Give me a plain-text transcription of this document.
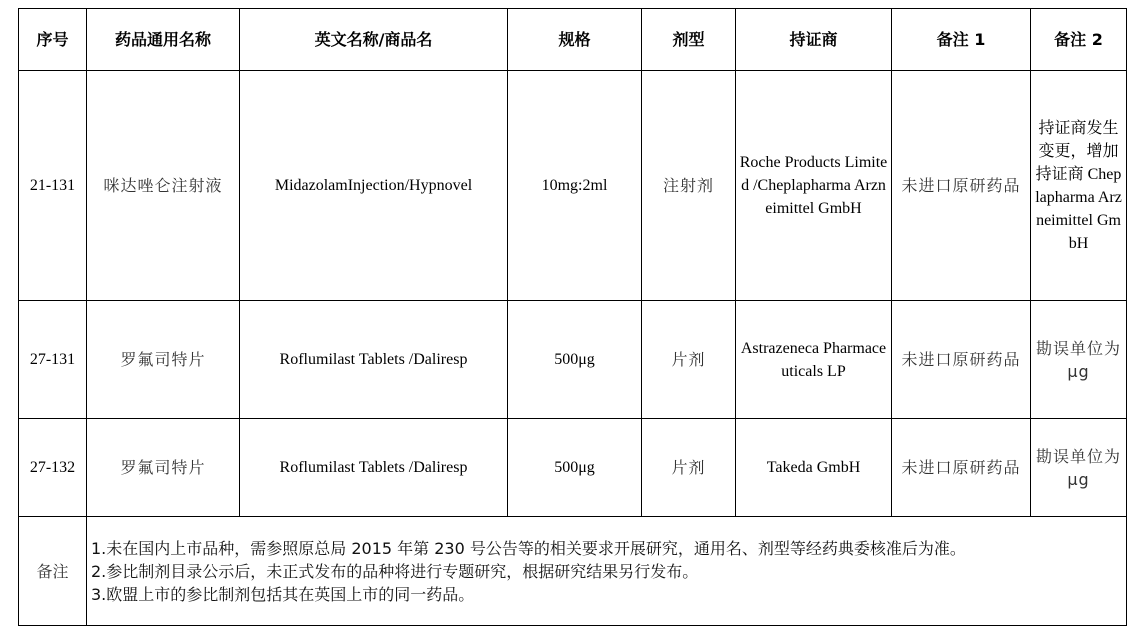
序号	药品通用名称	英文名称/商品名	规格	剂型	持证商	备注 1	备注 2
21-131	咪达唑仑注射液	MidazolamInjection/Hypnovel	10mg:2ml	注射剂	Roche Products Limited /Cheplapharma Arzneimittel GmbH	未进口原研药品	持证商发生变更，增加持证商 Cheplapharma Arzneimittel GmbH
27-131	罗氟司特片	Roflumilast Tablets /Daliresp	500μg	片剂	Astrazeneca Pharmaceuticals LP	未进口原研药品	勘误单位为 μg
27-132	罗氟司特片	Roflumilast Tablets /Daliresp	500μg	片剂	Takeda GmbH	未进口原研药品	勘误单位为 μg
备注	1.未在国内上市品种，需参照原总局 2015 年第 230 号公告等的相关要求开展研究，通用名、剂型等经药典委核准后为准。
2.参比制剂目录公示后，未正式发布的品种将进行专题研究，根据研究结果另行发布。
3.欧盟上市的参比制剂包括其在英国上市的同一药品。						
